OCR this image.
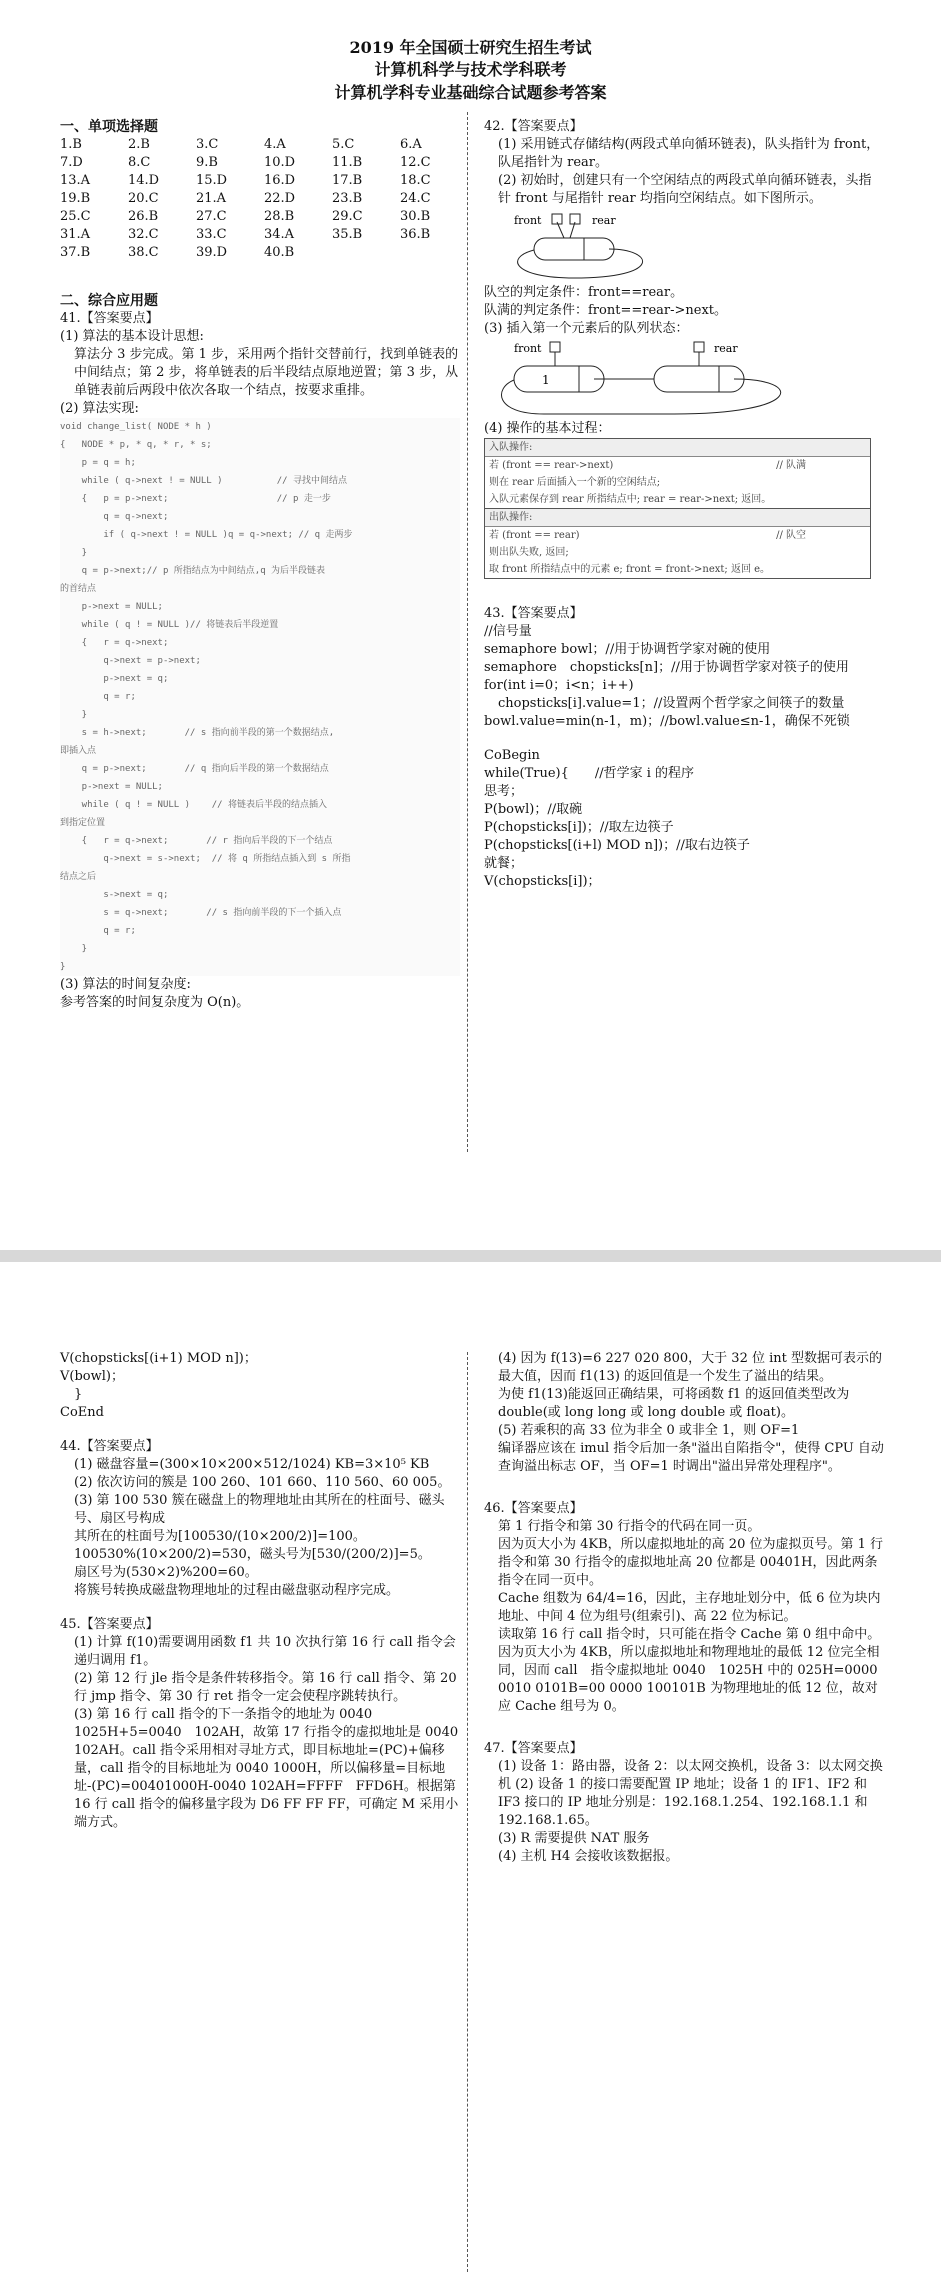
2019 年全国硕士研究生招生考试
计算机科学与技术学科联考
计算机学科专业基础综合试题参考答案
一、单项选择题
1.B	2.B	3.C	4.A	5.C	6.A
7.D	8.C	9.B	10.D	11.B	12.C
13.A	14.D	15.D	16.D	17.B	18.C
19.B	20.C	21.A	22.D	23.B	24.C
25.C	26.B	27.C	28.B	29.C	30.B
31.A	32.C	33.C	34.A	35.B	36.B
37.B	38.C	39.D	40.B
二、综合应用题

41.【答案要点】

(1) 算法的基本设计思想:

算法分 3 步完成。第 1 步，采用两个指针交替前行，找到单链表的中间结点；第 2 步，将单链表的后半段结点原地逆置；第 3 步，从单链表前后两段中依次各取一个结点，按要求重排。

(2) 算法实现:

void change_list( NODE * h )
{   NODE * p, * q, * r, * s;
p = q = h;
while ( q->next ! = NULL )          // 寻找中间结点
{   p = p->next;                    // p 走一步
q = q->next;
if ( q->next ! = NULL )q = q->next; // q 走两步
}
q = p->next;// p 所指结点为中间结点,q 为后半段链表
的首结点
p->next = NULL;
while ( q ! = NULL )// 将链表后半段逆置
{   r = q->next;
q->next = p->next;
p->next = q;
q = r;
}
s = h->next;       // s 指向前半段的第一个数据结点,
即插入点
q = p->next;       // q 指向后半段的第一个数据结点
p->next = NULL;
while ( q ! = NULL )    // 将链表后半段的结点插入
到指定位置
{   r = q->next;       // r 指向后半段的下一个结点
q->next = s->next;  // 将 q 所指结点插入到 s 所指
结点之后
s->next = q;
s = q->next;       // s 指向前半段的下一个插入点
q = r;
}
}

(3) 算法的时间复杂度:

参考答案的时间复杂度为 O(n)。

42.【答案要点】

(1) 采用链式存储结构(两段式单向循环链表)，队头指针为 front，队尾指针为 rear。

(2) 初始时，创建只有一个空闲结点的两段式单向循环链表，头指针 front 与尾指针 rear 均指向空闲结点。如下图所示。

front	rear

队空的判定条件：front==rear。

队满的判定条件：front==rear->next。

(3) 插入第一个元素后的队列状态：

front	rear
1

(4) 操作的基本过程：

入队操作:
若 (front == rear->next)	// 队满
则在 rear 后面插入一个新的空闲结点;
入队元素保存到 rear 所指结点中; rear = rear->next; 返回。
出队操作:
若 (front == rear)	// 队空
则出队失败, 返回;
取 front 所指结点中的元素 e; front = front->next; 返回 e。

43.【答案要点】

//信号量

semaphore bowl；//用于协调哲学家对碗的使用

semaphore　chopsticks[n]；//用于协调哲学家对筷子的使用

for(int i=0；i<n；i++)

chopsticks[i].value=1；//设置两个哲学家之间筷子的数量

bowl.value=min(n-1，m)；//bowl.value≤n-1，确保不死锁

CoBegin

while(True){　　//哲学家 i 的程序

思考；

P(bowl)；//取碗

P(chopsticks[i])；//取左边筷子

P(chopsticks[(i+l) MOD n])；//取右边筷子

就餐；

V(chopsticks[i])；

V(chopsticks[(i+1) MOD n])；

V(bowl)；

}

CoEnd

44.【答案要点】

(1) 磁盘容量=(300×10×200×512/1024) KB=3×10⁵ KB

(2) 依次访问的簇是 100 260、101 660、110 560、60 005。

(3) 第 100 530 簇在磁盘上的物理地址由其所在的柱面号、磁头号、扇区号构成

其所在的柱面号为[100530/(10×200/2)]=100。

100530%(10×200/2)=530，磁头号为[530/(200/2)]=5。

扇区号为(530×2)%200=60。

将簇号转换成磁盘物理地址的过程由磁盘驱动程序完成。

45.【答案要点】

(1) 计算 f(10)需要调用函数 f1 共 10 次执行第 16 行 call 指令会递归调用 f1。

(2) 第 12 行 jle 指令是条件转移指令。第 16 行 call 指令、第 20 行 jmp 指令、第 30 行 ret 指令一定会使程序跳转执行。

(3) 第 16 行 call 指令的下一条指令的地址为 0040 1025H+5=0040　102AH，故第 17 行指令的虚拟地址是 0040　102AH。call 指令采用相对寻址方式，即目标地址=(PC)+偏移量，call 指令的目标地址为 0040 1000H，所以偏移量=目标地址-(PC)=00401000H-0040 102AH=FFFF　FFD6H。根据第 16 行 call 指令的偏移量字段为 D6 FF FF FF，可确定 M 采用小端方式。

(4) 因为 f(13)=6 227 020 800，大于 32 位 int 型数据可表示的最大值，因而 f1(13) 的返回值是一个发生了溢出的结果。

为使 f1(13)能返回正确结果，可将函数 f1 的返回值类型改为 double(或 long long 或 long double 或 float)。

(5) 若乘积的高 33 位为非全 0 或非全 1，则 OF=1

编译器应该在 imul 指令后加一条"溢出自陷指令"，使得 CPU 自动查询溢出标志 OF，当 OF=1 时调出"溢出异常处理程序"。

46.【答案要点】

第 1 行指令和第 30 行指令的代码在同一页。

因为页大小为 4KB，所以虚拟地址的高 20 位为虚拟页号。第 1 行指令和第 30 行指令的虚拟地址高 20 位都是 00401H，因此两条指令在同一页中。

Cache 组数为 64/4=16，因此，主存地址划分中，低 6 位为块内地址、中间 4 位为组号(组索引)、高 22 位为标记。

读取第 16 行 call 指令时，只可能在指令 Cache 第 0 组中命中。

因为页大小为 4KB，所以虚拟地址和物理地址的最低 12 位完全相同，因而 call　指令虚拟地址 0040　1025H 中的 025H=0000 0010 0101B=00 0000 100101B 为物理地址的低 12 位，故对应 Cache 组号为 0。

47.【答案要点】

(1) 设备 1：路由器，设备 2：以太网交换机，设备 3：以太网交换机 (2) 设备 1 的接口需要配置 IP 地址；设备 1 的 IF1、IF2 和 IF3 接口的 IP 地址分别是：192.168.1.254、192.168.1.1 和 192.168.1.65。

(3) R 需要提供 NAT 服务

(4) 主机 H4 会接收该数据报。
